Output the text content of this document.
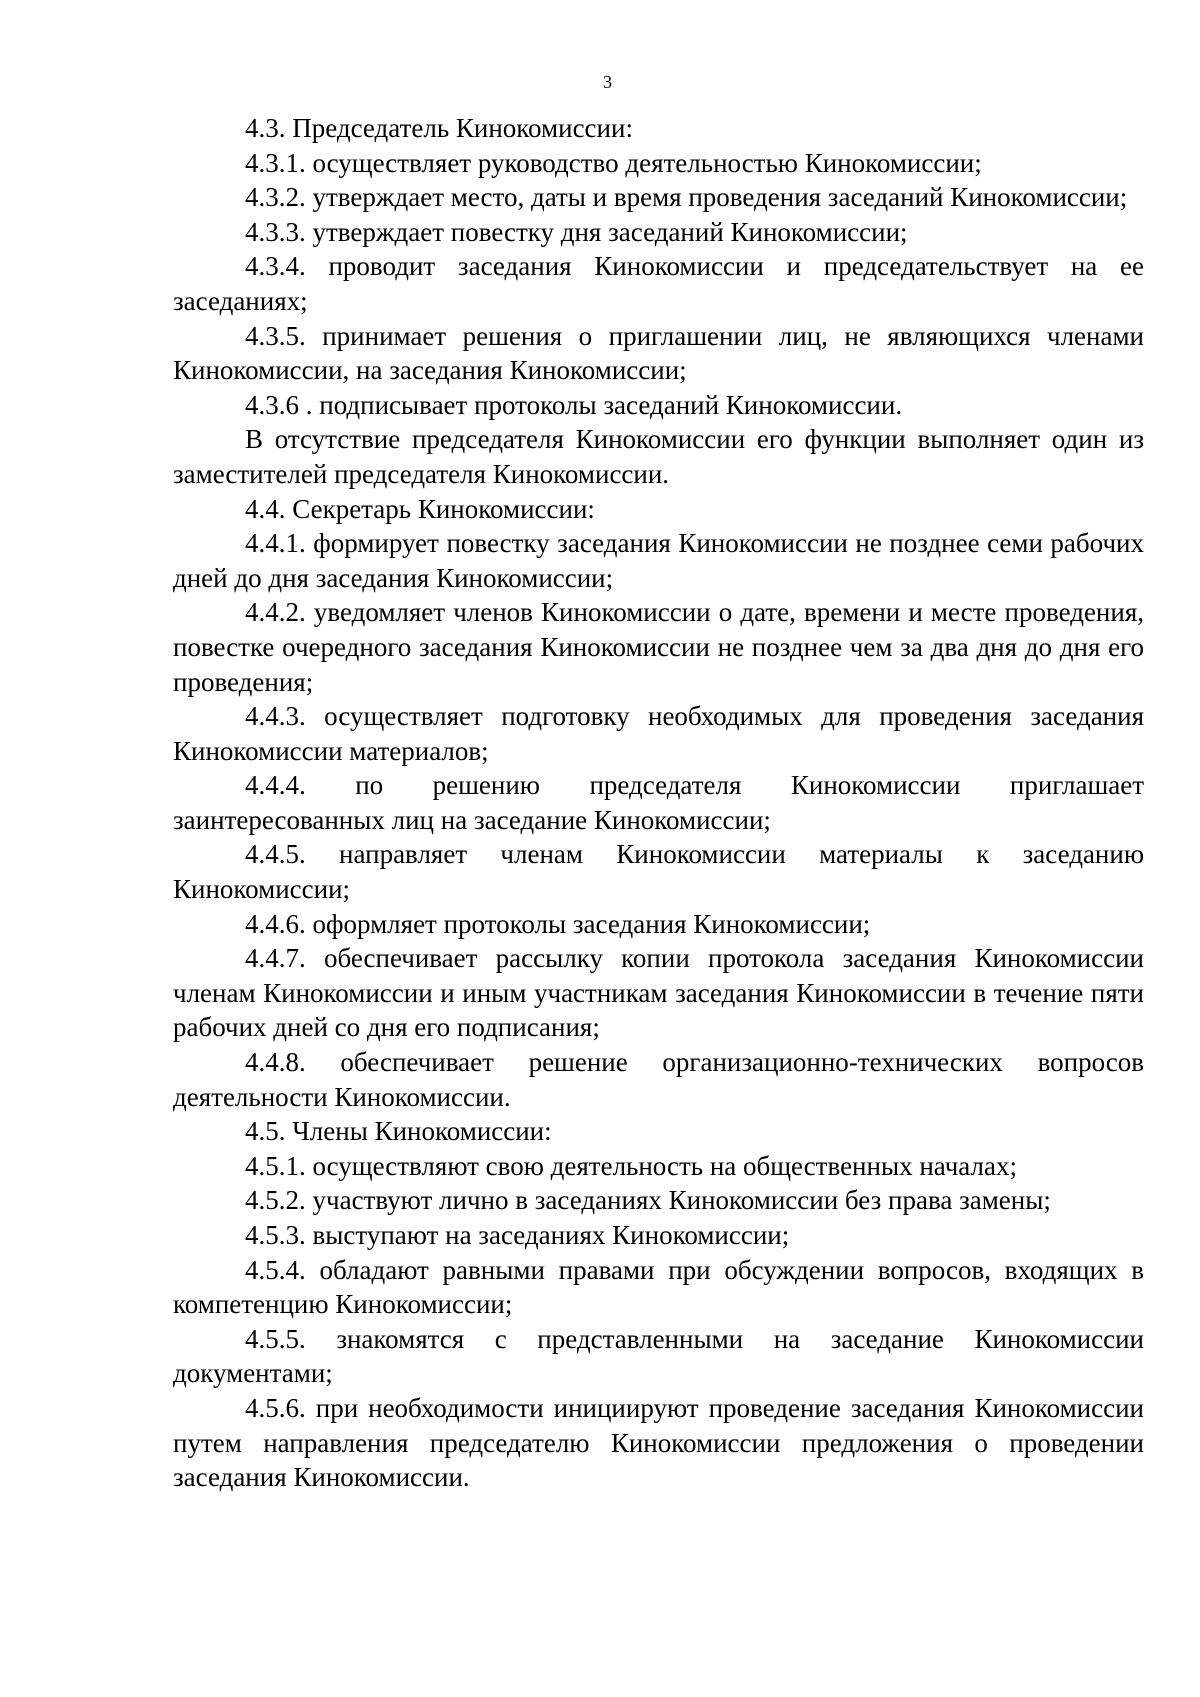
3

4.3. Председатель Кинокомиссии:

4.3.1. осуществляет руководство деятельностью Кинокомиссии;

4.3.2. утверждает место, даты и время проведения заседаний Кинокомиссии;

4.3.3. утверждает повестку дня заседаний Кинокомиссии;

4.3.4. проводит заседания Кинокомиссии и председательствует на ее заседаниях;

4.3.5. принимает решения о приглашении лиц, не являющихся членами Кинокомиссии, на заседания Кинокомиссии;

4.3.6 . подписывает протоколы заседаний Кинокомиссии.

В отсутствие председателя Кинокомиссии его функции выполняет один из заместителей председателя Кинокомиссии.

4.4. Секретарь Кинокомиссии:

4.4.1. формирует повестку заседания Кинокомиссии не позднее семи рабочих дней до дня заседания Кинокомиссии;

4.4.2. уведомляет членов Кинокомиссии о дате, времени и месте проведения, повестке очередного заседания Кинокомиссии не позднее чем за два дня до дня его проведения;

4.4.3. осуществляет подготовку необходимых для проведения заседания Кинокомиссии материалов;

4.4.4. по решению председателя Кинокомиссии приглашает заинтересованных лиц на заседание Кинокомиссии;

4.4.5. направляет членам Кинокомиссии материалы к заседанию Кинокомиссии;

4.4.6. оформляет протоколы заседания Кинокомиссии;

4.4.7. обеспечивает рассылку копии протокола заседания Кинокомиссии членам Кинокомиссии и иным участникам заседания Кинокомиссии в течение пяти рабочих дней со дня его подписания;

4.4.8. обеспечивает решение организационно-технических вопросов деятельности Кинокомиссии.

4.5. Члены Кинокомиссии:

4.5.1. осуществляют свою деятельность на общественных началах;

4.5.2. участвуют лично в заседаниях Кинокомиссии без права замены;

4.5.3. выступают на заседаниях Кинокомиссии;

4.5.4. обладают равными правами при обсуждении вопросов, входящих в компетенцию Кинокомиссии;

4.5.5. знакомятся с представленными на заседание Кинокомиссии документами;

4.5.6. при необходимости инициируют проведение заседания Кинокомиссии путем направления председателю Кинокомиссии предложения о проведении заседания Кинокомиссии.
